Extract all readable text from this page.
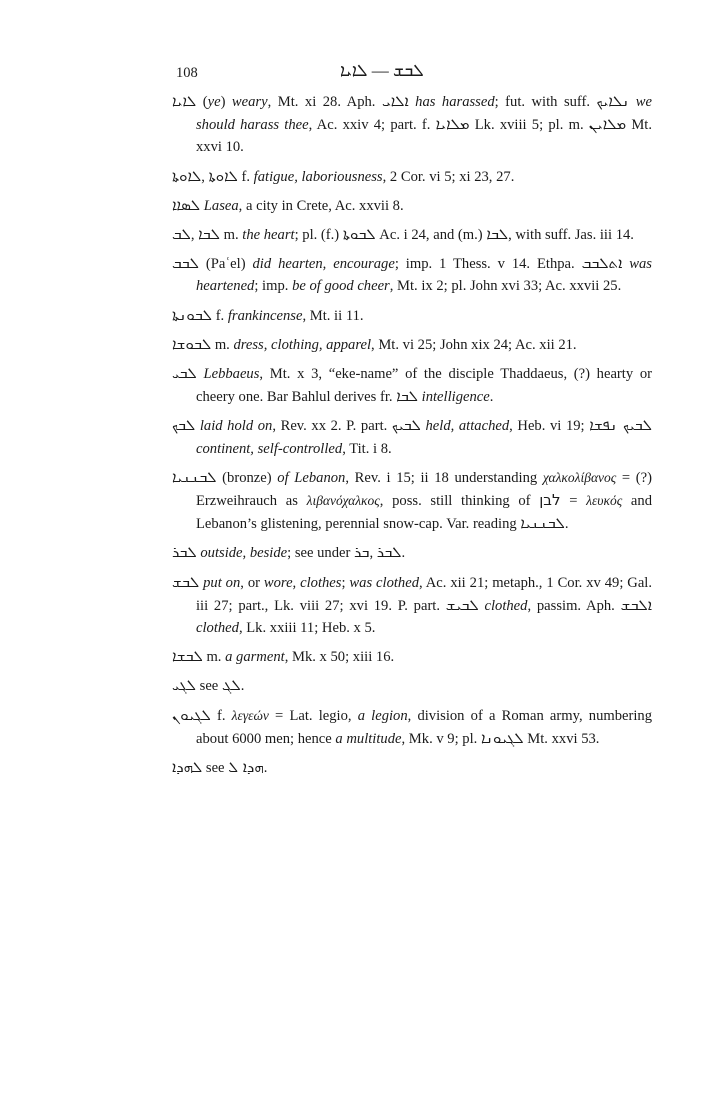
108	ܠܒܫ — ܠܐܝܐ

ܠܐܝܐ (ye) weary, Mt. xi 28. Aph. ܐܠܐܝ has harassed; fut. with suff. ܢܠܐܝܟ we should harass thee, Ac. xxiv 4; part. f. ܡܠܐܝܐ Lk. xviii 5; pl. m. ܡܠܐܝܢ Mt. xxvi 10.

ܠܐܘܬܐ, ܠܐܘܬܐ f. fatigue, laboriousness, 2 Cor. vi 5; xi 23, 27.

ܠܣܐܐ Lasea, a city in Crete, Ac. xxvii 8.

ܠܒ, ܠܒܐ m. the heart; pl. (f.) ܠܒܘܬܐ Ac. i 24, and (m.) ܠܒܐ, with suff. Jas. iii 14.

ܠܒܒ (Paʿel) did hearten, encourage; imp. 1 Thess. v 14. Ethpa. ܐܬܠܒܒ was heartened; imp. be of good cheer, Mt. ix 2; pl. John xvi 33; Ac. xxvii 25.

ܠܒܘܢܬܐ f. frankincense, Mt. ii 11.

ܠܒܘܫܐ m. dress, clothing, apparel, Mt. vi 25; John xix 24; Ac. xii 21.

ܠܒܝ Lebbaeus, Mt. x 3, “eke-name” of the disciple Thaddaeus, (?) hearty or cheery one. Bar Bahlul derives fr. ܠܒܐ intelligence.

ܠܒܟ laid hold on, Rev. xx 2. P. part. ܠܒܝܟ held, attached, Heb. vi 19; ܠܒܝܟ ܢܦܫܐ continent, self-controlled, Tit. i 8.

ܠܒܢܢܝܐ (bronze) of Lebanon, Rev. i 15; ii 18 understanding χαλκολίβανος = (?) Erzweihrauch as λιβανόχαλκος, poss. still thinking of לבן = λευκός and Lebanon’s glistening, perennial snow-cap. Var. reading ܠܒܢܢܝܐ.

ܠܒܪ outside, beside; see under ܒܪ, ܠܒܪ.

ܠܒܫ put on, or wore, clothes; was clothed, Ac. xii 21; metaph., 1 Cor. xv 49; Gal. iii 27; part., Lk. viii 27; xvi 19. P. part. ܠܒܝܫ clothed, passim. Aph. ܐܠܒܫ clothed, Lk. xxiii 11; Heb. x 5.

ܠܒܫܐ m. a garment, Mk. x 50; xiii 16.

ܠܓܝ see ܠܓ.

ܠܓܝܘܢ f. λεγεών = Lat. legio, a legion, division of a Roman army, numbering about 6000 men; hence a multitude, Mk. v 9; pl. ܠܓܝܘܢܐ Mt. xxvi 53.

ܠܗܕܐ see ܗܕܐ ܠ.
